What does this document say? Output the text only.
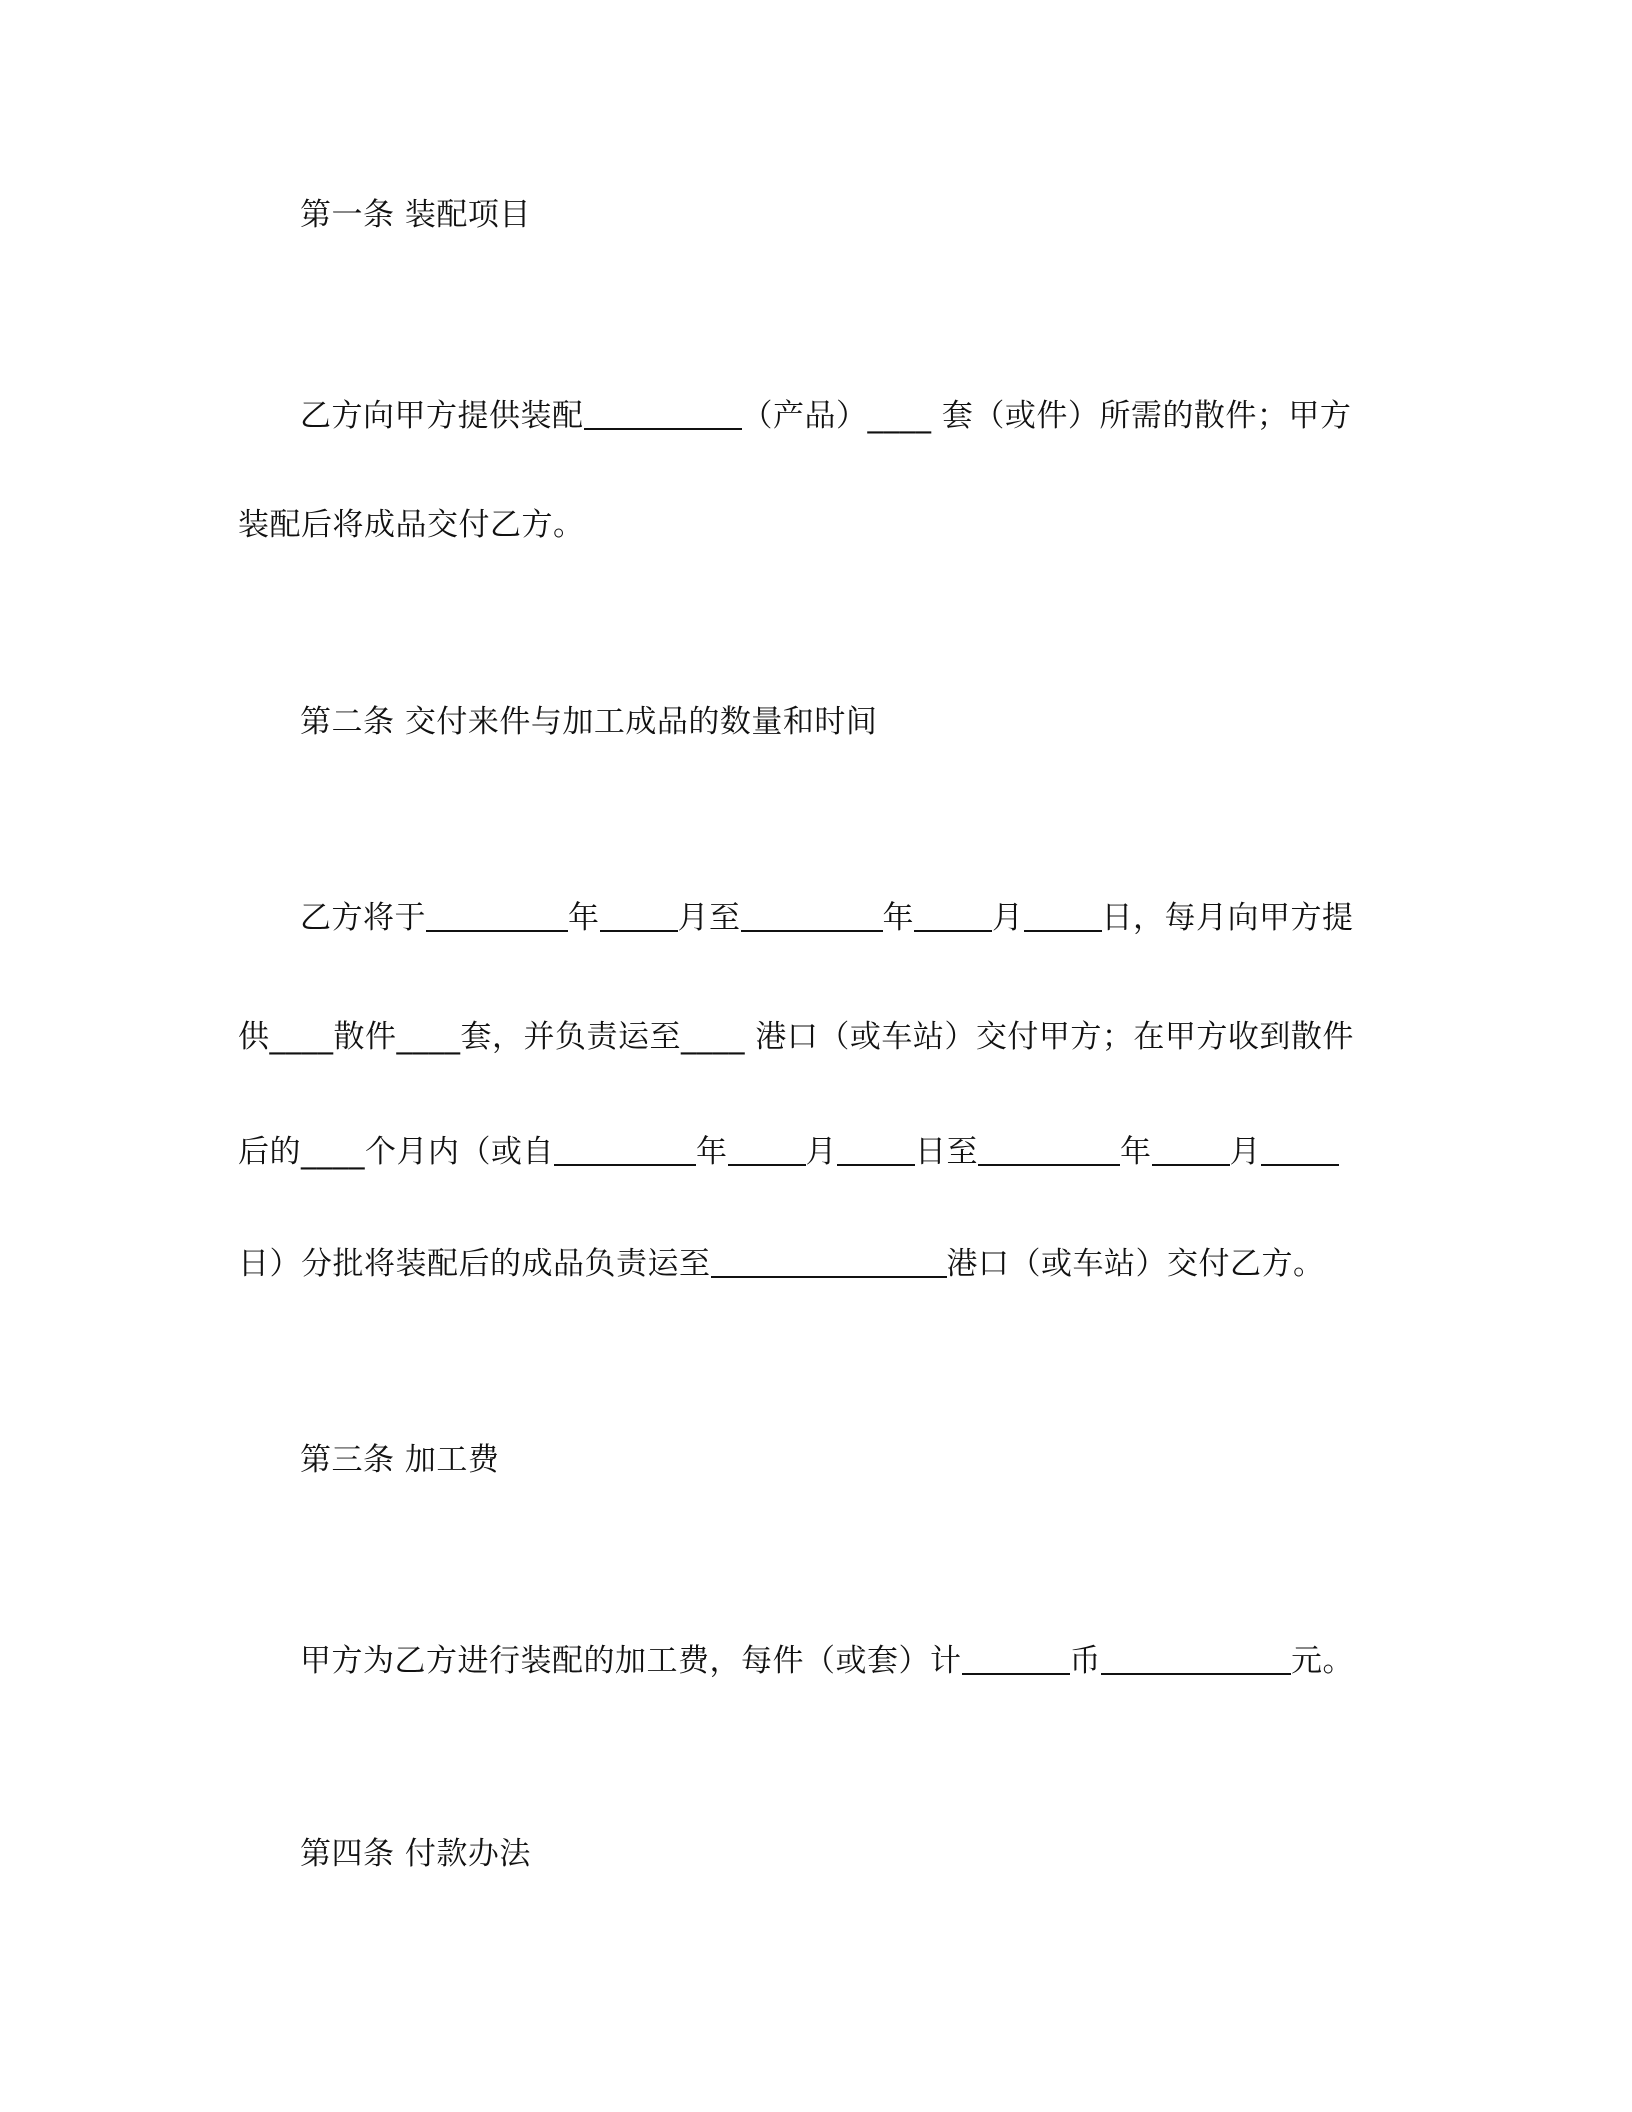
第一条 装配项目
乙方向甲方提供装配	（产品）____ 套（或件）所需的散件；甲方
装配后将成品交付乙方。
第二条 交付来件与加工成品的数量和时间
乙方将于	年	月至	年	月	日，每月向甲方提
供____散件____套，并负责运至____ 港口（或车站）交付甲方；在甲方收到散件
后的____个月内（或自	年	月	日至	年	月
日）分批将装配后的成品负责运至	港口（或车站）交付乙方。
第三条 加工费
甲方为乙方进行装配的加工费，每件（或套）计	币	元。
第四条 付款办法
